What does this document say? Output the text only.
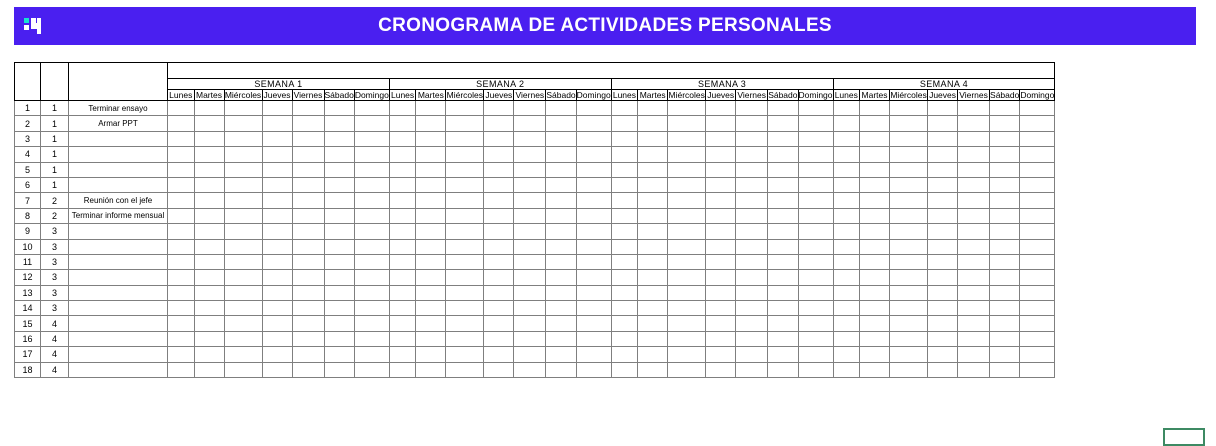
CRONOGRAMA DE ACTIVIDADES PERSONALES
No	TEMA	ACTIVIDADES	MES																											
			SEMANA 1							SEMANA 2							SEMANA 3							SEMANA 4						
			Lunes	Martes	Miércoles	Jueves	Viernes	Sábado	Domingo	Lunes	Martes	Miércoles	Jueves	Viernes	Sábado	Domingo	Lunes	Martes	Miércoles	Jueves	Viernes	Sábado	Domingo	Lunes	Martes	Miércoles	Jueves	Viernes	Sábado	Domingo
1	1	Terminar ensayo																												
2	1	Armar PPT																												
3	1																													
4	1																													
5	1																													
6	1																													
7	2	Reunión con el jefe																												
8	2	Terminar informe mensual																												
9	3																													
10	3																													
11	3																													
12	3																													
13	3																													
14	3																													
15	4																													
16	4																													
17	4																													
18	4																													
